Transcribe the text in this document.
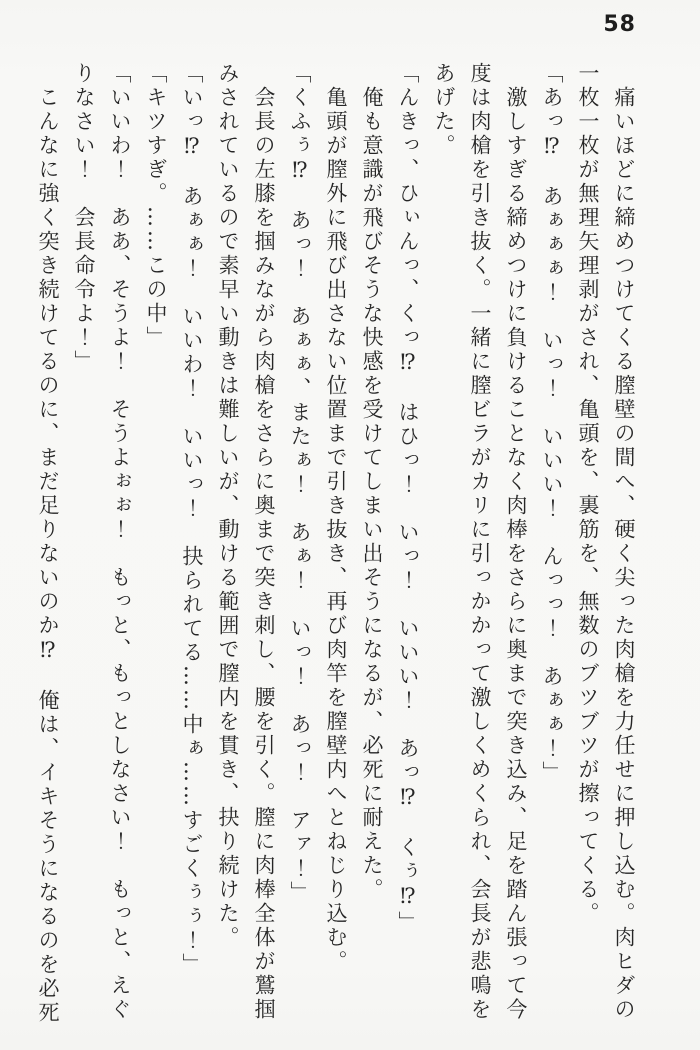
58

痛いほどに締めつけてくる膣壁の間へ、硬く尖った肉槍を力任せに押し込む。肉ヒダの一枚一枚が無理矢理剥がされ、亀頭を、裏筋を、無数のブツブツが擦ってくる。

「あっ⁉　あぁぁぁ！　いっ！　いいい！　んっっ！　あぁぁ！」

激しすぎる締めつけに負けることなく肉棒をさらに奥まで突き込み、足を踏ん張って今度は肉槍を引き抜く。一緒に膣ビラがカリに引っかかって激しくめくられ、会長が悲鳴をあげた。

「んきっ、ひぃんっ、くっ⁉　はひっ！　いっ！　いいい！　あっ⁉　くぅ⁉」

俺も意識が飛びそうな快感を受けてしまい出そうになるが、必死に耐えた。

亀頭が膣外に飛び出さない位置まで引き抜き、再び肉竿を膣壁内へとねじり込む。

「くふぅ⁉　あっ！　あぁぁ、またぁ！　あぁ！　いっ！　あっ！　アァ！」

会長の左膝を掴みながら肉槍をさらに奥まで突き刺し、腰を引く。膣に肉棒全体が鷲掴みされているので素早い動きは難しいが、動ける範囲で膣内を貫き、抉り続けた。

「いっ⁉　あぁぁ！　いいわ！　いいっ！　抉られてる……中ぁ……すごくぅぅ！」

「キツすぎ。……この中」

「いいわ！　ああ、そうよ！　そうよぉぉ！　もっと、もっとしなさい！　もっと、えぐりなさい！　会長命令よ！」

こんなに強く突き続けてるのに、まだ足りないのか⁉　俺は、イキそうになるのを必死
